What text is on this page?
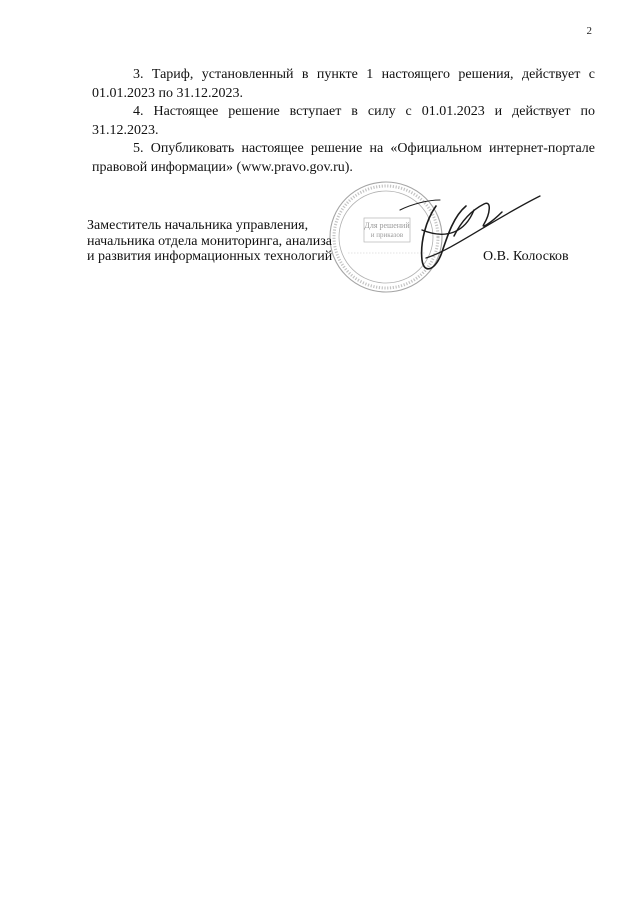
2

3. Тариф, установленный в пункте 1 настоящего решения, действует с 01.01.2023 по 31.12.2023.

4. Настоящее решение вступает в силу с 01.01.2023 и действует по 31.12.2023.

5. Опубликовать настоящее решение на «Официальном интернет-портале правовой информации» (www.pravo.gov.ru).

Для решений
и приказов
Заместитель начальника управления,
начальника отдела мониторинга, анализа
и развития информационных технологий	О.В. Колосков
